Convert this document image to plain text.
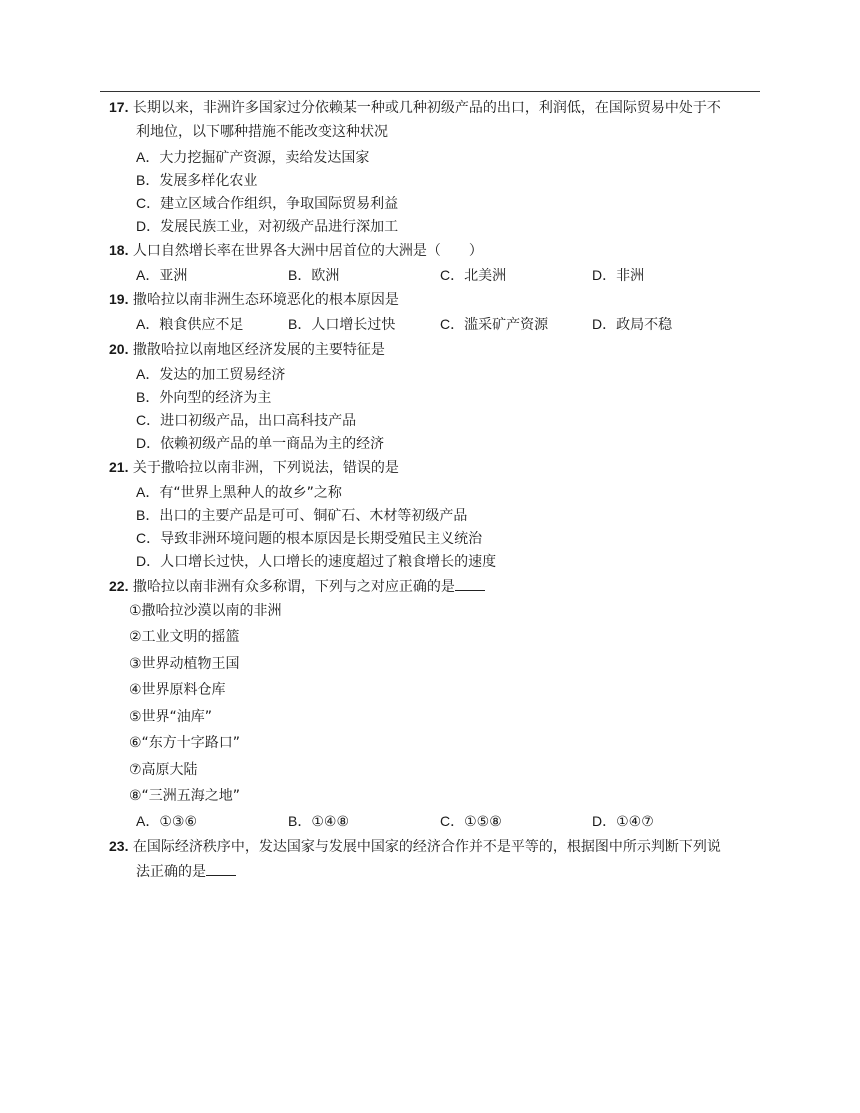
17. 长期以来，非洲许多国家过分依赖某一种或几种初级产品的出口，利润低，在国际贸易中处于不
利地位，以下哪种措施不能改变这种状况
A．大力挖掘矿产资源，卖给发达国家
B．发展多样化农业
C．建立区域合作组织，争取国际贸易利益
D．发展民族工业，对初级产品进行深加工
18. 人口自然增长率在世界各大洲中居首位的大洲是（　　）
A．亚洲	B．欧洲	C．北美洲	D．非洲
19. 撒哈拉以南非洲生态环境恶化的根本原因是
A．粮食供应不足	B．人口增长过快	C．滥采矿产资源	D．政局不稳
20. 撒散哈拉以南地区经济发展的主要特征是
A．发达的加工贸易经济
B．外向型的经济为主
C．进口初级产品，出口高科技产品
D．依赖初级产品的单一商品为主的经济
21. 关于撒哈拉以南非洲，下列说法，错误的是
A．有“世界上黑种人的故乡”之称
B．出口的主要产品是可可、铜矿石、木材等初级产品
C．导致非洲环境问题的根本原因是长期受殖民主义统治
D．人口增长过快，人口增长的速度超过了粮食增长的速度
22. 撒哈拉以南非洲有众多称谓，下列与之对应正确的是
①撒哈拉沙漠以南的非洲
②工业文明的摇篮
③世界动植物王国
④世界原料仓库
⑤世界“油库”
⑥“东方十字路口”
⑦高原大陆
⑧“三洲五海之地”
A．①③⑥	B．①④⑧	C．①⑤⑧	D．①④⑦
23. 在国际经济秩序中，发达国家与发展中国家的经济合作并不是平等的，根据图中所示判断下列说
法正确的是
